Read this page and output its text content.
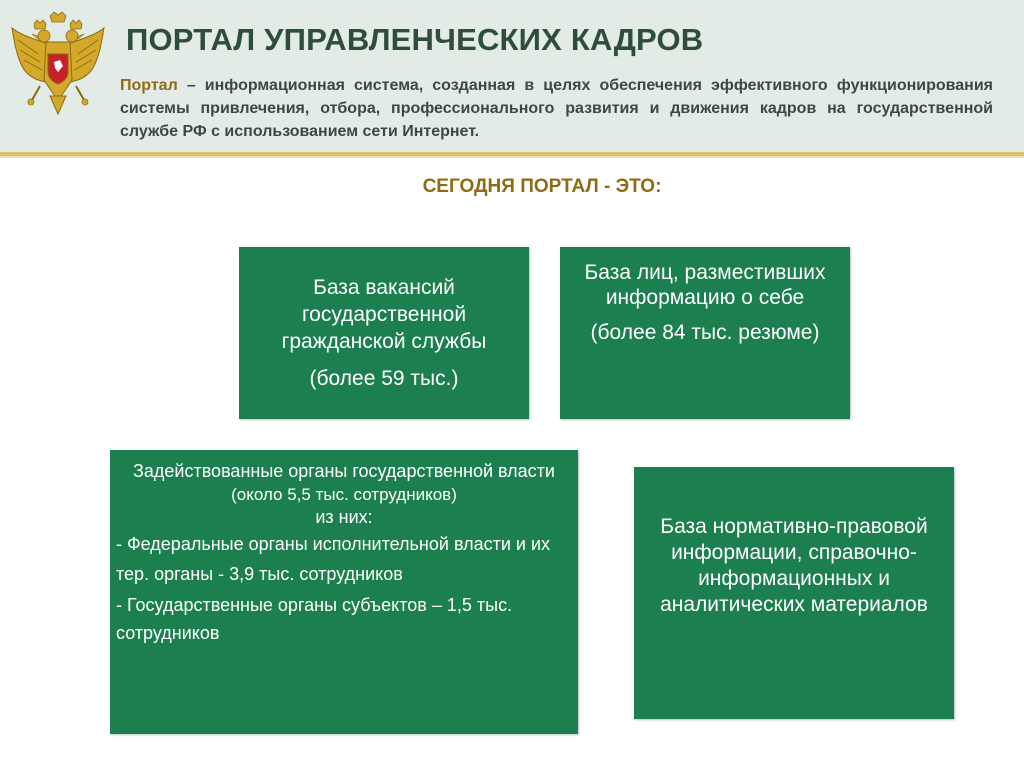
ПОРТАЛ УПРАВЛЕНЧЕСКИХ КАДРОВ

Портал – информационная система, созданная в целях обеспечения эффективного функционирования системы привлечения, отбора, профессионального развития и движения кадров на государственной службе РФ с использованием сети Интернет.

СЕГОДНЯ ПОРТАЛ - ЭТО:

База вакансий государственной гражданской службы

(более 59 тыс.)

База лиц, разместивших информацию о себе

(более 84 тыс. резюме)

Задействованные органы государственной власти

(около 5,5 тыс. сотрудников)

из них:

- Федеральные органы исполнительной власти и их тер. органы - 3,9 тыс. сотрудников

- Государственные органы субъектов – 1,5 тыс. сотрудников

База нормативно-правовой информации, справочно-информационных и аналитических материалов
